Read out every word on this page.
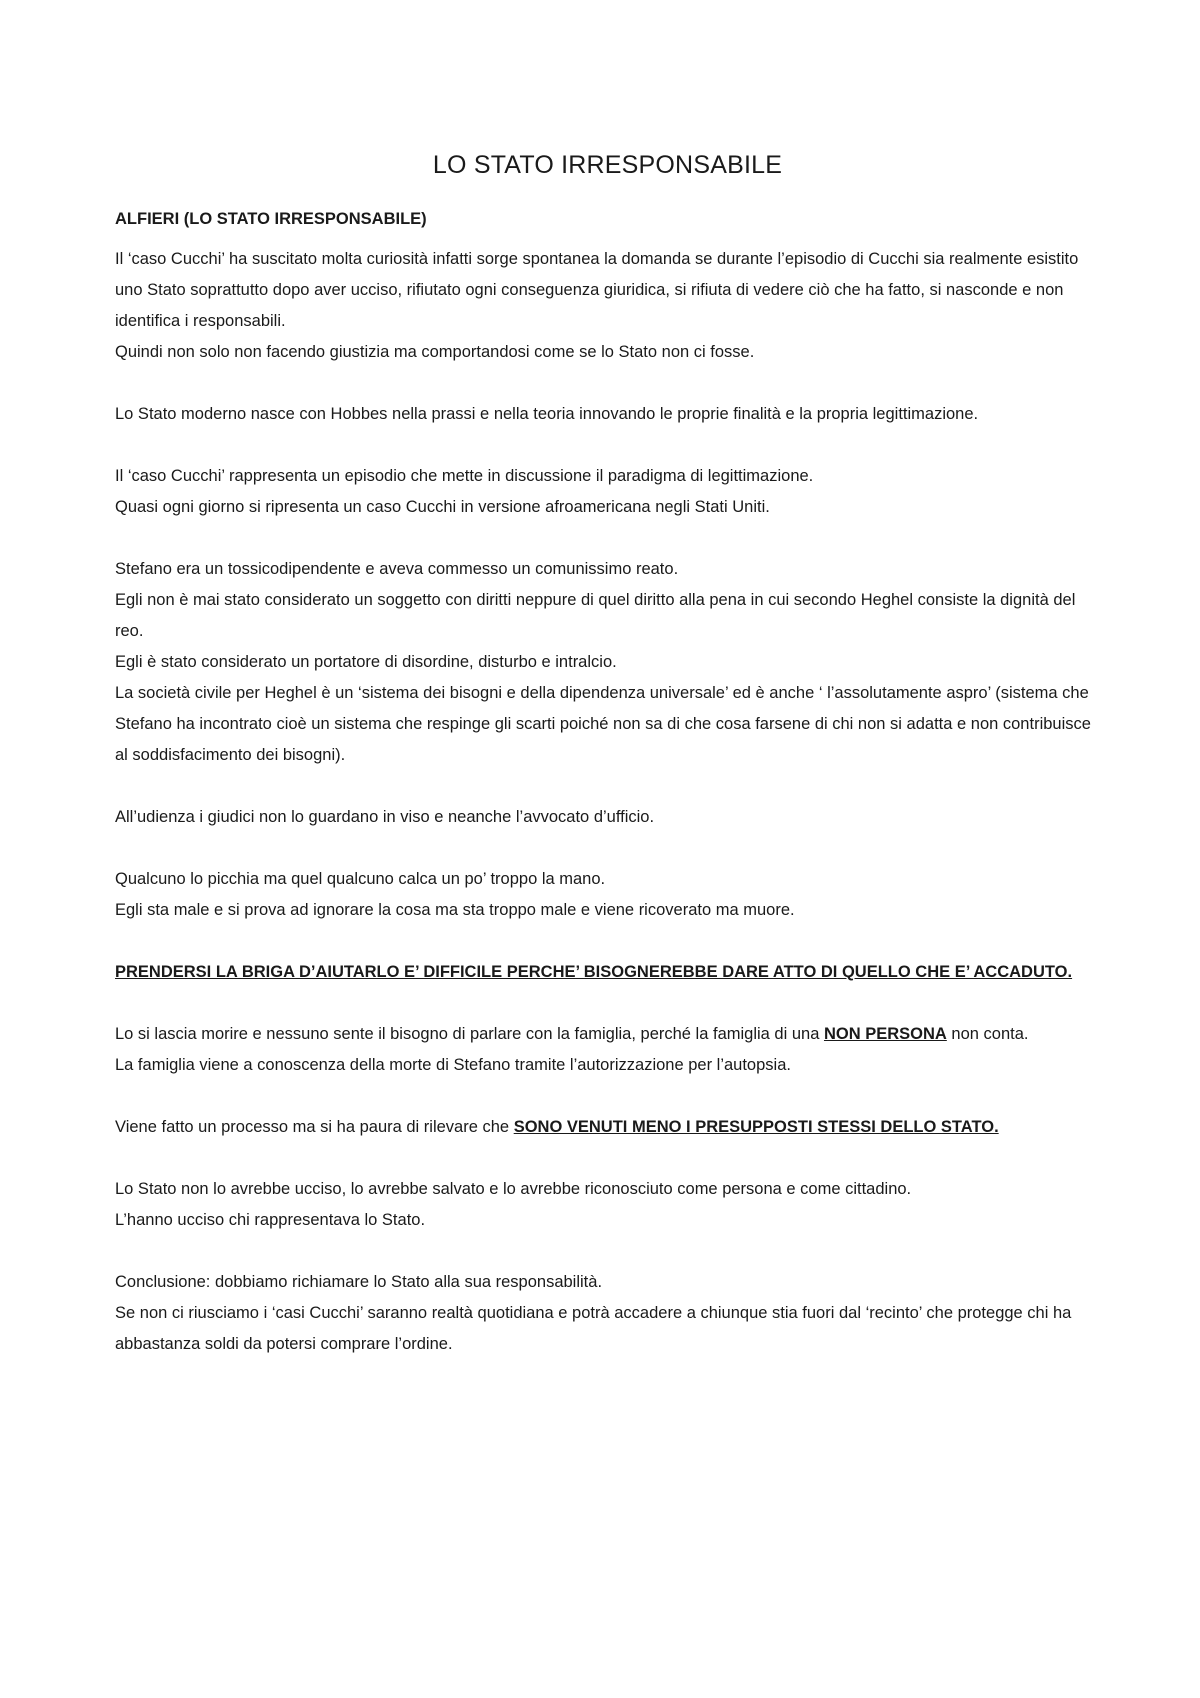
LO STATO IRRESPONSABILE
ALFIERI (LO STATO IRRESPONSABILE)
Il ‘caso Cucchi’ ha suscitato molta curiosità infatti sorge spontanea la domanda se durante l’episodio di Cucchi sia realmente esistito uno Stato soprattutto dopo aver ucciso, rifiutato ogni conseguenza giuridica, si rifiuta di vedere ciò che ha fatto, si nasconde e non identifica i responsabili.
Quindi non solo non facendo giustizia ma comportandosi come se lo Stato non ci fosse.
Lo Stato moderno nasce con Hobbes nella prassi e nella teoria innovando le proprie finalità e la propria legittimazione.
Il ‘caso Cucchi’ rappresenta un episodio che mette in discussione il paradigma di legittimazione.
Quasi ogni giorno si ripresenta un caso Cucchi in versione afroamericana negli Stati Uniti.
Stefano era un tossicodipendente e aveva commesso un comunissimo reato.
Egli non è mai stato considerato un soggetto con diritti neppure di quel diritto alla pena in cui secondo Heghel consiste la dignità del reo.
Egli è stato considerato un portatore di disordine, disturbo e intralcio.
La società civile per Heghel è un ‘sistema dei bisogni e della dipendenza universale’ ed è anche ‘ l’assolutamente aspro’ (sistema che Stefano ha incontrato cioè un sistema che respinge gli scarti poiché non sa di che cosa farsene di chi non si adatta e non contribuisce al soddisfacimento dei bisogni).
All’udienza i giudici non lo guardano in viso e neanche l’avvocato d’ufficio.
Qualcuno lo picchia ma quel qualcuno calca un po’ troppo la mano.
Egli sta male e si prova ad ignorare la cosa ma sta troppo male e viene ricoverato ma muore.
PRENDERSI LA BRIGA D’AIUTARLO E’ DIFFICILE PERCHE’ BISOGNEREBBE DARE ATTO DI QUELLO CHE E’ ACCADUTO.
Lo si lascia morire e nessuno sente il bisogno di parlare con la famiglia, perché la famiglia di una NON PERSONA non conta.
La famiglia viene a conoscenza della morte di Stefano tramite l’autorizzazione per l’autopsia.
Viene fatto un processo ma si ha paura di rilevare che SONO VENUTI MENO I PRESUPPOSTI STESSI DELLO STATO.
Lo Stato non lo avrebbe ucciso, lo avrebbe salvato e lo avrebbe riconosciuto come persona e come cittadino.
L’hanno ucciso chi rappresentava lo Stato.
Conclusione: dobbiamo richiamare lo Stato alla sua responsabilità.
Se non ci riusciamo i ‘casi Cucchi’ saranno realtà quotidiana e potrà accadere a chiunque stia fuori dal ‘recinto’ che protegge chi ha abbastanza soldi da potersi comprare l’ordine.
